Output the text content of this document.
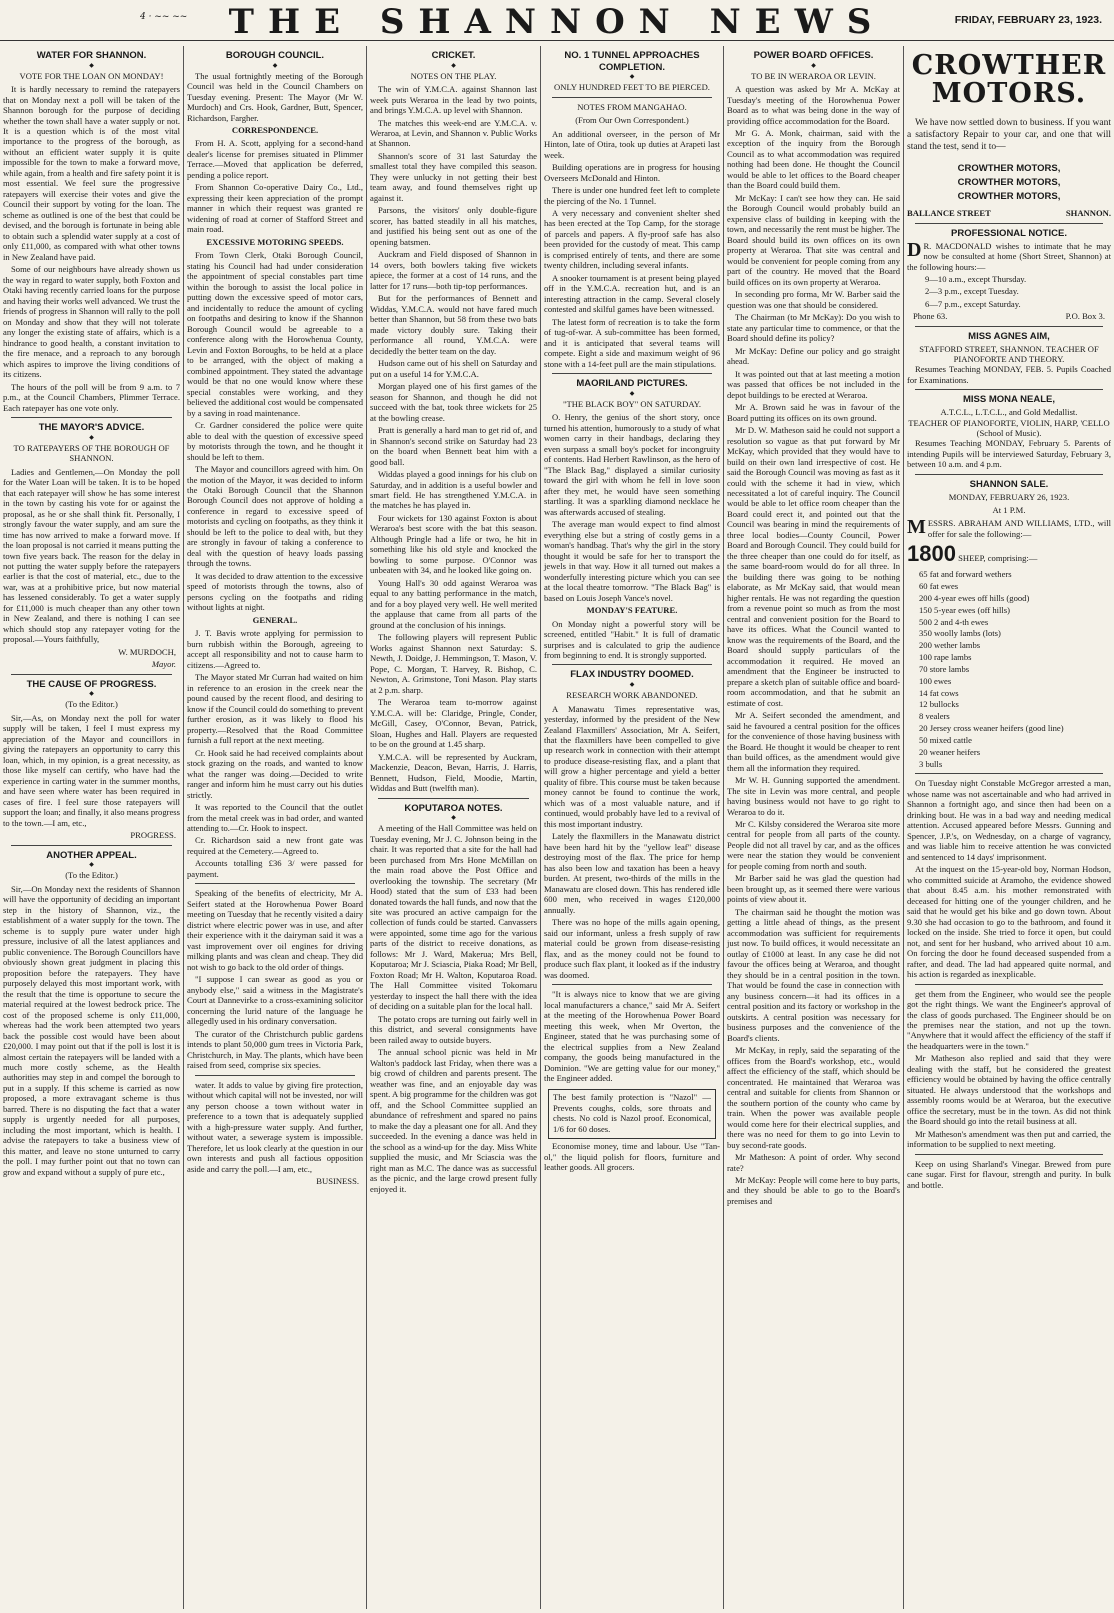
4 · ~~ ~~	THE SHANNON NEWS	FRIDAY, FEBRUARY 23, 1923.
WATER FOR SHANNON.
◆
VOTE FOR THE LOAN ON MONDAY!

It is hardly necessary to remind the ratepayers that on Monday next a poll will be taken of the Shannon borough for the purpose of deciding whether the town shall have a water supply or not. It is a question which is of the most vital importance to the progress of the borough, as without an efficient water supply it is quite impossible for the town to make a forward move, while again, from a health and fire safety point it is most essential. We feel sure the progressive ratepayers will exercise their votes and give the Council their support by voting for the loan. The scheme as outlined is one of the best that could be devised, and the borough is fortunate in being able to obtain such a splendid water supply at a cost of only £11,000, as compared with what other towns in New Zealand have paid.

Some of our neighbours have already shown us the way in regard to water supply, both Foxton and Otaki having recently carried loans for the purpose and having their works well advanced. We trust the friends of progress in Shannon will rally to the poll on Monday and show that they will not tolerate any longer the existing state of affairs, which is a hindrance to good health, a constant invitation to the fire menace, and a reproach to any borough which aspires to improve the living conditions of its citizens.

The hours of the poll will be from 9 a.m. to 7 p.m., at the Council Chambers, Plimmer Terrace. Each ratepayer has one vote only.

THE MAYOR'S ADVICE.
◆
TO RATEPAYERS OF THE BOROUGH OF SHANNON.

Ladies and Gentlemen,—On Monday the poll for the Water Loan will be taken. It is to be hoped that each ratepayer will show he has some interest in the town by casting his vote for or against the proposal, as he or she shall think fit. Personally, I strongly favour the water supply, and am sure the time has now arrived to make a forward move. If the loan proposal is not carried it means putting the town five years back. The reason for the delay in not putting the water supply before the ratepayers earlier is that the cost of material, etc., due to the war, was at a prohibitive price, but now material has lessened considerably. To get a water supply for £11,000 is much cheaper than any other town in New Zealand, and there is nothing I can see which should stop any ratepayer voting for the proposal.—Yours faithfully,

W. MURDOCH,
Mayor.
THE CAUSE OF PROGRESS.
◆
(To the Editor.)

Sir,—As, on Monday next the poll for water supply will be taken, I feel I must express my appreciation of the Mayor and councillors in giving the ratepayers an opportunity to carry this loan, which, in my opinion, is a great necessity, as those like myself can certify, who have had the experience in carting water in the summer months, and have seen where water has been required in cases of fire. I feel sure those ratepayers will support the loan; and finally, it also means progress to the town.—I am, etc.,

PROGRESS.
ANOTHER APPEAL.
◆
(To the Editor.)

Sir,—On Monday next the residents of Shannon will have the opportunity of deciding an important step in the history of Shannon, viz., the establishment of a water supply for the town. The scheme is to supply pure water under high pressure, inclusive of all the latest appliances and public convenience. The Borough Councillors have obviously shown great judgment in placing this proposition before the ratepayers. They have purposely delayed this most important work, with the result that the time is opportune to secure the material required at the lowest bedrock price. The cost of the proposed scheme is only £11,000, whereas had the work been attempted two years back the possible cost would have been about £20,000. I may point out that if the poll is lost it is almost certain the ratepayers will be landed with a much more costly scheme, as the Health authorities may step in and compel the borough to put in a supply. If this scheme is carried as now proposed, a more extravagant scheme is thus barred. There is no disputing the fact that a water supply is urgently needed for all purposes, including the most important, which is health. I advise the ratepayers to take a business view of this matter, and leave no stone unturned to carry the poll. I may further point out that no town can grow and expand without a supply of pure etc.,

BOROUGH COUNCIL.
◆

The usual fortnightly meeting of the Borough Council was held in the Council Chambers on Tuesday evening. Present: The Mayor (Mr W. Murdoch) and Crs. Hook, Gardner, Butt, Spencer, Richardson, Fargher.

CORRESPONDENCE.

From H. A. Scott, applying for a second-hand dealer's license for premises situated in Plimmer Terrace.—Moved that application be deferred, pending a police report.

From Shannon Co-operative Dairy Co., Ltd., expressing their keen appreciation of the prompt manner in which their request was granted re widening of road at corner of Stafford Street and main road.

EXCESSIVE MOTORING SPEEDS.

From Town Clerk, Otaki Borough Council, stating his Council had had under consideration the appointment of special constables part time within the borough to assist the local police in putting down the excessive speed of motor cars, and incidentally to reduce the amount of cycling on footpaths and desiring to know if the Shannon Borough Council would be agreeable to a conference along with the Horowhenua County, Levin and Foxton Boroughs, to be held at a place to be arranged, with the object of making a combined appointment. They stated the advantage would be that no one would know where these special constables were working, and they believed the additional cost would be compensated by a saving in road maintenance.

Cr. Gardner considered the police were quite able to deal with the question of excessive speed by motorists through the town, and he thought it should be left to them.

The Mayor and councillors agreed with him. On the motion of the Mayor, it was decided to inform the Otaki Borough Council that the Shannon Borough Council does not approve of holding a conference in regard to excessive speed of motorists and cycling on footpaths, as they think it should be left to the police to deal with, but they are strongly in favour of taking a conference to deal with the question of heavy loads passing through the towns.

It was decided to draw attention to the excessive speed of motorists through the towns, also of persons cycling on the footpaths and riding without lights at night.

GENERAL.

J. T. Bavis wrote applying for permission to burn rubbish within the Borough, agreeing to accept all responsibility and not to cause harm to citizens.—Agreed to.

The Mayor stated Mr Curran had waited on him in reference to an erosion in the creek near the pound caused by the recent flood, and desiring to know if the Council could do something to prevent further erosion, as it was likely to flood his property.—Resolved that the Road Committee furnish a full report at the next meeting.

Cr. Hook said he had received complaints about stock grazing on the roads, and wanted to know what the ranger was doing.—Decided to write ranger and inform him he must carry out his duties strictly.

It was reported to the Council that the outlet from the metal creek was in bad order, and wanted attending to.—Cr. Hook to inspect.

Cr. Richardson said a new front gate was required at the Cemetery.—Agreed to.

Accounts totalling £36 3/ were passed for payment.

Speaking of the benefits of electricity, Mr A. Seifert stated at the Horowhenua Power Board meeting on Tuesday that he recently visited a dairy district where electric power was in use, and after their experience with it the dairyman said it was a vast improvement over oil engines for driving milking plants and was clean and cheap. They did not wish to go back to the old order of things.

"I suppose I can swear as good as you or anybody else," said a witness in the Magistrate's Court at Dannevirke to a cross-examining solicitor concerning the lurid nature of the language he allegedly used in his ordinary conversation.

The curator of the Christchurch public gardens intends to plant 50,000 gum trees in Victoria Park, Christchurch, in May. The plants, which have been raised from seed, comprise six species.

water. It adds to value by giving fire protection, without which capital will not be invested, nor will any person choose a town without water in preference to a town that is adequately supplied with a high-pressure water supply. And further, without water, a sewerage system is impossible. Therefore, let us look clearly at the question in our own interests and push all factious opposition aside and carry the poll.—I am, etc.,

BUSINESS.
CRICKET.
◆
NOTES ON THE PLAY.

The win of Y.M.C.A. against Shannon last week puts Weraroa in the lead by two points, and brings Y.M.C.A. up level with Shannon.

The matches this week-end are Y.M.C.A. v. Weraroa, at Levin, and Shannon v. Public Works at Shannon.

Shannon's score of 31 last Saturday the smallest total they have compiled this season. They were unlucky in not getting their best team away, and found themselves right up against it.

Parsons, the visitors' only double-figure scorer, has batted steadily in all his matches, and justified his being sent out as one of the opening batsmen.

Auckram and Field disposed of Shannon in 14 overs, both bowlers taking five wickets apiece, the former at a cost of 14 runs, and the latter for 17 runs—both tip-top performances.

But for the performances of Bennett and Widdas, Y.M.C.A. would not have fared much better than Shannon, but 58 from these two bats made victory doubly sure. Taking their performance all round, Y.M.C.A. were decidedly the better team on the day.

Hudson came out of his shell on Saturday and put on a useful 14 for Y.M.C.A.

Morgan played one of his first games of the season for Shannon, and though he did not succeed with the bat, took three wickets for 25 at the bowling crease.

Pratt is generally a hard man to get rid of, and in Shannon's second strike on Saturday had 23 on the board when Bennett beat him with a good ball.

Widdas played a good innings for his club on Saturday, and in addition is a useful bowler and smart field. He has strengthened Y.M.C.A. in the matches he has played in.

Four wickets for 130 against Foxton is about Weraroa's best score with the bat this season. Although Pringle had a life or two, he hit in something like his old style and knocked the bowling to some purpose. O'Connor was unbeaten with 34, and he looked like going on.

Young Hall's 30 odd against Weraroa was equal to any batting performance in the match, and for a boy played very well. He well merited the applause that came from all parts of the ground at the conclusion of his innings.

The following players will represent Public Works against Shannon next Saturday: S. Newth, J. Doidge, J. Hemmingson, T. Mason, V. Pope, C. Morgan, T. Harvey, R. Bishop, C. Newton, A. Grimstone, Toni Mason. Play starts at 2 p.m. sharp.

The Weraroa team to-morrow against Y.M.C.A. will be: Claridge, Pringle, Conder, McGill, Casey, O'Connor, Bevan, Patrick, Sloan, Hughes and Hall. Players are requested to be on the ground at 1.45 sharp.

Y.M.C.A. will be represented by Auckram, Mackenzie, Deacon, Bevan, Harris, J. Harris, Bennett, Hudson, Field, Moodie, Martin, Widdas and Butt (twelfth man).

KOPUTAROA NOTES.
◆

A meeting of the Hall Committee was held on Tuesday evening, Mr J. C. Johnson being in the chair. It was reported that a site for the hall had been purchased from Mrs Hone McMillan on the main road above the Post Office and overlooking the township. The secretary (Mr Hood) stated that the sum of £33 had been donated towards the hall funds, and now that the site was procured an active campaign for the collection of funds could be started. Canvassers were appointed, some time ago for the various parts of the district to receive donations, as follows: Mr J. Ward, Makerua; Mrs Bell, Koputaroa; Mr J. Sciascia, Piaka Road; Mr Bell, Foxton Road; Mr H. Walton, Koputaroa Road. The Hall Committee visited Tokomaru yesterday to inspect the hall there with the idea of deciding on a suitable plan for the local hall.

The potato crops are turning out fairly well in this district, and several consignments have been railed away to outside buyers.

The annual school picnic was held in Mr Walton's paddock last Friday, when there was a big crowd of children and parents present. The weather was fine, and an enjoyable day was spent. A big programme for the children was got off, and the School Committee supplied an abundance of refreshment and spared no pains to make the day a pleasant one for all. And they succeeded. In the evening a dance was held in the school as a wind-up for the day. Miss White supplied the music, and Mr Sciascia was the right man as M.C. The dance was as successful as the picnic, and the large crowd present fully enjoyed it.

NO. 1 TUNNEL APPROACHES COMPLETION.
◆
ONLY HUNDRED FEET TO BE PIERCED.
NOTES FROM MANGAHAO.
(From Our Own Correspondent.)

An additional overseer, in the person of Mr Hinton, late of Otira, took up duties at Arapeti last week.

Building operations are in progress for housing Overseers McDonald and Hinton.

There is under one hundred feet left to complete the piercing of the No. 1 Tunnel.

A very necessary and convenient shelter shed has been erected at the Top Camp, for the storage of parcels and papers. A fly-proof safe has also been provided for the custody of meat. This camp is comprised entirely of tents, and there are some twenty children, including several infants.

A snooker tournament is at present being played off in the Y.M.C.A. recreation hut, and is an interesting attraction in the camp. Several closely contested and skilful games have been witnessed.

The latest form of recreation is to take the form of tug-of-war. A sub-committee has been formed, and it is anticipated that several teams will compete. Eight a side and maximum weight of 96 stone with a 14-feet pull are the main stipulations.

MAORILAND PICTURES.
◆
"THE BLACK BOY" ON SATURDAY.

O. Henry, the genius of the short story, once turned his attention, humorously to a study of what women carry in their handbags, declaring they even surpass a small boy's pocket for incongruity of contents. Had Herbert Rawlinson, as the hero of "The Black Bag," displayed a similar curiosity toward the girl with whom he fell in love soon after they met, he would have seen something startling. It was a sparkling diamond necklace he was afterwards accused of stealing.

The average man would expect to find almost everything else but a string of costly gems in a woman's handbag. That's why the girl in the story thought it would be safe for her to transport the jewels in that way. How it all turned out makes a wonderfully interesting picture which you can see at the local theatre tomorrow. "The Black Bag" is based on Louis Joseph Vance's novel.

MONDAY'S FEATURE.

On Monday night a powerful story will be screened, entitled "Habit." It is full of dramatic surprises and is calculated to grip the audience from beginning to end. It is strongly supported.

FLAX INDUSTRY DOOMED.
◆
RESEARCH WORK ABANDONED.

A Manawatu Times representative was, yesterday, informed by the president of the New Zealand Flaxmillers' Association, Mr A. Seifert, that the flaxmillers have been compelled to give up research work in connection with their attempt to produce disease-resisting flax, and a plant that will grow a higher percentage and yield a better quality of fibre. This course must be taken because money cannot be found to continue the work, which was of a most valuable nature, and if continued, would probably have led to a revival of this most important industry.

Lately the flaxmillers in the Manawatu district have been hard hit by the "yellow leaf" disease destroying most of the flax. The price for hemp has also been low and taxation has been a heavy burden. At present, two-thirds of the mills in the Manawatu are closed down. This has rendered idle 600 men, who received in wages £120,000 annually.

There was no hope of the mills again opening, said our informant, unless a fresh supply of raw material could be grown from disease-resisting flax, and as the money could not be found to produce such flax plant, it looked as if the industry was doomed.

"It is always nice to know that we are giving local manufacturers a chance," said Mr A. Seifert at the meeting of the Horowhenua Power Board meeting this week, when Mr Overton, the Engineer, stated that he was purchasing some of the electrical supplies from a New Zealand company, the goods being manufactured in the Dominion. "We are getting value for our money," the Engineer added.

The best family protection is "Nazol" — Prevents coughs, colds, sore throats and chests. No cold is Nazol proof. Economical, 1/6 for 60 doses.

Economise money, time and labour. Use "Tan-ol," the liquid polish for floors, furniture and leather goods. All grocers.

POWER BOARD OFFICES.
◆
TO BE IN WERAROA OR LEVIN.

A question was asked by Mr A. McKay at Tuesday's meeting of the Horowhenua Power Board as to what was being done in the way of providing office accommodation for the Board.

Mr G. A. Monk, chairman, said with the exception of the inquiry from the Borough Council as to what accommodation was required nothing had been done. He thought the Council would be able to let offices to the Board cheaper than the Board could build them.

Mr McKay: I can't see how they can. He said the Borough Council would probably build an expensive class of building in keeping with the town, and necessarily the rent must be higher. The Board should build its own offices on its own property at Weraroa. That site was central and would be convenient for people coming from any part of the country. He moved that the Board build offices on its own property at Weraroa.

In seconding pro forma, Mr W. Barber said the question was one that should be considered.

The Chairman (to Mr McKay): Do you wish to state any particular time to commence, or that the Board should define its policy?

Mr McKay: Define our policy and go straight ahead.

It was pointed out that at last meeting a motion was passed that offices be not included in the depot buildings to be erected at Weraroa.

Mr A. Brown said he was in favour of the Board putting its offices on its own ground.

Mr D. W. Matheson said he could not support a resolution so vague as that put forward by Mr McKay, which provided that they would have to build on their own land irrespective of cost. He said the Borough Council was moving as fast as it could with the scheme it had in view, which necessitated a lot of careful inquiry. The Council would be able to let office room cheaper than the Board could erect it, and pointed out that the Council was bearing in mind the requirements of three local bodies—County Council, Power Board and Borough Council. They could build for the three cheaper than one could do for itself, as the same board-room would do for all three. In the building there was going to be nothing elaborate, as Mr McKay said, that would mean higher rentals. He was not regarding the question from a revenue point so much as from the most central and convenient position for the Board to have its offices. What the Council wanted to know was the requirements of the Board, and the Board should supply particulars of the accommodation it required. He moved an amendment that the Engineer be instructed to prepare a sketch plan of suitable office and board-room accommodation, and that he submit an estimate of cost.

Mr A. Seifert seconded the amendment, and said he favoured a central position for the offices for the convenience of those having business with the Board. He thought it would be cheaper to rent than build offices, as the amendment would give them all the information they required.

Mr W. H. Gunning supported the amendment. The site in Levin was more central, and people having business would not have to go right to Weraroa to do it.

Mr C. Kilsby considered the Weraroa site more central for people from all parts of the county. People did not all travel by car, and as the offices were near the station they would be convenient for people coming from north and south.

Mr Barber said he was glad the question had been brought up, as it seemed there were various points of view about it.

The chairman said he thought the motion was getting a little ahead of things, as the present accommodation was sufficient for requirements just now. To build offices, it would necessitate an outlay of £1000 at least. In any case he did not favour the offices being at Weraroa, and thought they should be in a central position in the town. That would be found the case in connection with any business concern—it had its offices in a central position and its factory or workshop in the outskirts. A central position was necessary for business purposes and the convenience of the Board's clients.

Mr McKay, in reply, said the separating of the offices from the Board's workshop, etc., would affect the efficiency of the staff, which should be concentrated. He maintained that Weraroa was central and suitable for clients from Shannon or the southern portion of the county who came by train. When the power was available people would come here for their electrical supplies, and there was no need for them to go into Levin to buy second-rate goods.

Mr Matheson: A point of order. Why second rate?

Mr McKay: People will come here to buy parts, and they should be able to go to the Board's premises and

CROWTHER MOTORS.

We have now settled down to business. If you want a satisfactory Repair to your car, and one that will stand the test, send it to—

CROWTHER MOTORS,
CROWTHER MOTORS,
CROWTHER MOTORS,
BALLANCE STREET	SHANNON.
PROFESSIONAL NOTICE.

D R. MACDONALD wishes to intimate that he may now be consulted at home (Short Street, Shannon) at the following hours:—

9—10 a.m., except Thursday.
2—3 p.m., except Tuesday.
6—7 p.m., except Saturday.
Phone 63.	P.O. Box 3.
MISS AGNES AIM,
STAFFORD STREET, SHANNON. TEACHER OF PIANOFORTE AND THEORY.

Resumes Teaching MONDAY, FEB. 5. Pupils Coached for Examinations.

MISS MONA NEALE,
A.T.C.L., L.T.C.L., and Gold Medallist.
TEACHER OF PIANOFORTE, VIOLIN, HARP, 'CELLO
(School of Music).

Resumes Teaching MONDAY, February 5. Parents of intending Pupils will be interviewed Saturday, February 3, between 10 a.m. and 4 p.m.

SHANNON SALE.
MONDAY, FEBRUARY 26, 1923.
At 1 P.M.

MESSRS. ABRAHAM AND WILLIAMS, LTD., will offer for sale the following:—

1800 SHEEP, comprising:—
65 fat and forward wethers
60 fat ewes
200 4-year ewes off hills (good)
150 5-year ewes (off hills)
500 2 and 4-th ewes
350 woolly lambs (lots)
200 wether lambs
100 rape lambs
70 store lambs
100 ewes
14 fat cows
12 bullocks
8 vealers
20 Jersey cross weaner heifers (good line)
50 mixed cattle
20 weaner heifers
3 bulls

On Tuesday night Constable McGregor arrested a man, whose name was not ascertainable and who had arrived in Shannon a fortnight ago, and since then had been on a drinking bout. He was in a bad way and needing medical attention. Accused appeared before Messrs. Gunning and Spencer, J.P.'s, on Wednesday, on a charge of vagrancy, and was liable him to receive attention he was convicted and sentenced to 14 days' imprisonment.

At the inquest on the 15-year-old boy, Norman Hodson, who committed suicide at Aramoho, the evidence showed that about 8.45 a.m. his mother remonstrated with deceased for hitting one of the younger children, and he said that he would get his bike and go down town. About 9.30 she had occasion to go to the bathroom, and found it locked on the inside. She tried to force it open, but could not, and sent for her husband, who arrived about 10 a.m. On forcing the door he found deceased suspended from a rafter, and dead. The lad had appeared quite normal, and his action is regarded as inexplicable.

get them from the Engineer, who would see the people got the right things. We want the Engineer's approval of the class of goods purchased. The Engineer should be on the premises near the station, and not up the town. "Anywhere that it would affect the efficiency of the staff if the headquarters were in the town."

Mr Matheson also replied and said that they were dealing with the staff, but he considered the greatest efficiency would be obtained by having the office centrally situated. He always understood that the workshops and assembly rooms would be at Weraroa, but the executive office the secretary, must be in the town. As did not think the Board should go into the retail business at all.

Mr Matheson's amendment was then put and carried, the information to be supplied to next meeting.

Keep on using Sharland's Vinegar. Brewed from pure cane sugar. First for flavour, strength and purity. In bulk and bottle.
